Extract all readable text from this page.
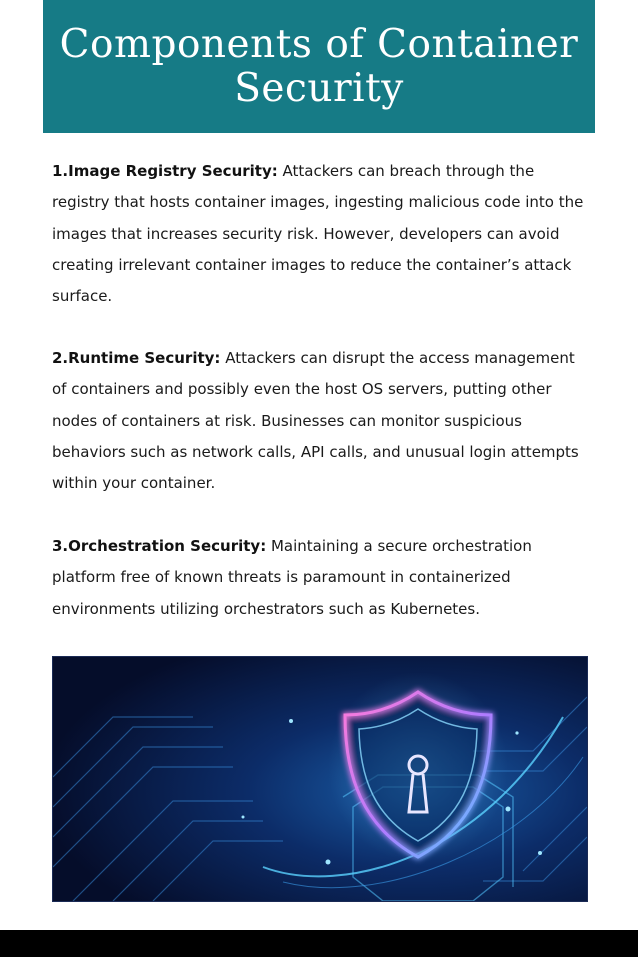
Components of Container
Security
1.Image Registry Security: Attackers can breach through the registry that hosts container images, ingesting malicious code into the images that increases security risk. However, developers can avoid creating irrelevant container images to reduce the container’s attack surface.
2.Runtime Security: Attackers can disrupt the access management of containers and possibly even the host OS servers, putting other nodes of containers at risk. Businesses can monitor suspicious behaviors such as network calls, API calls, and unusual login attempts within your container.
3.Orchestration Security: Maintaining a secure orchestration platform free of known threats is paramount in containerized environments utilizing orchestrators such as Kubernetes.
